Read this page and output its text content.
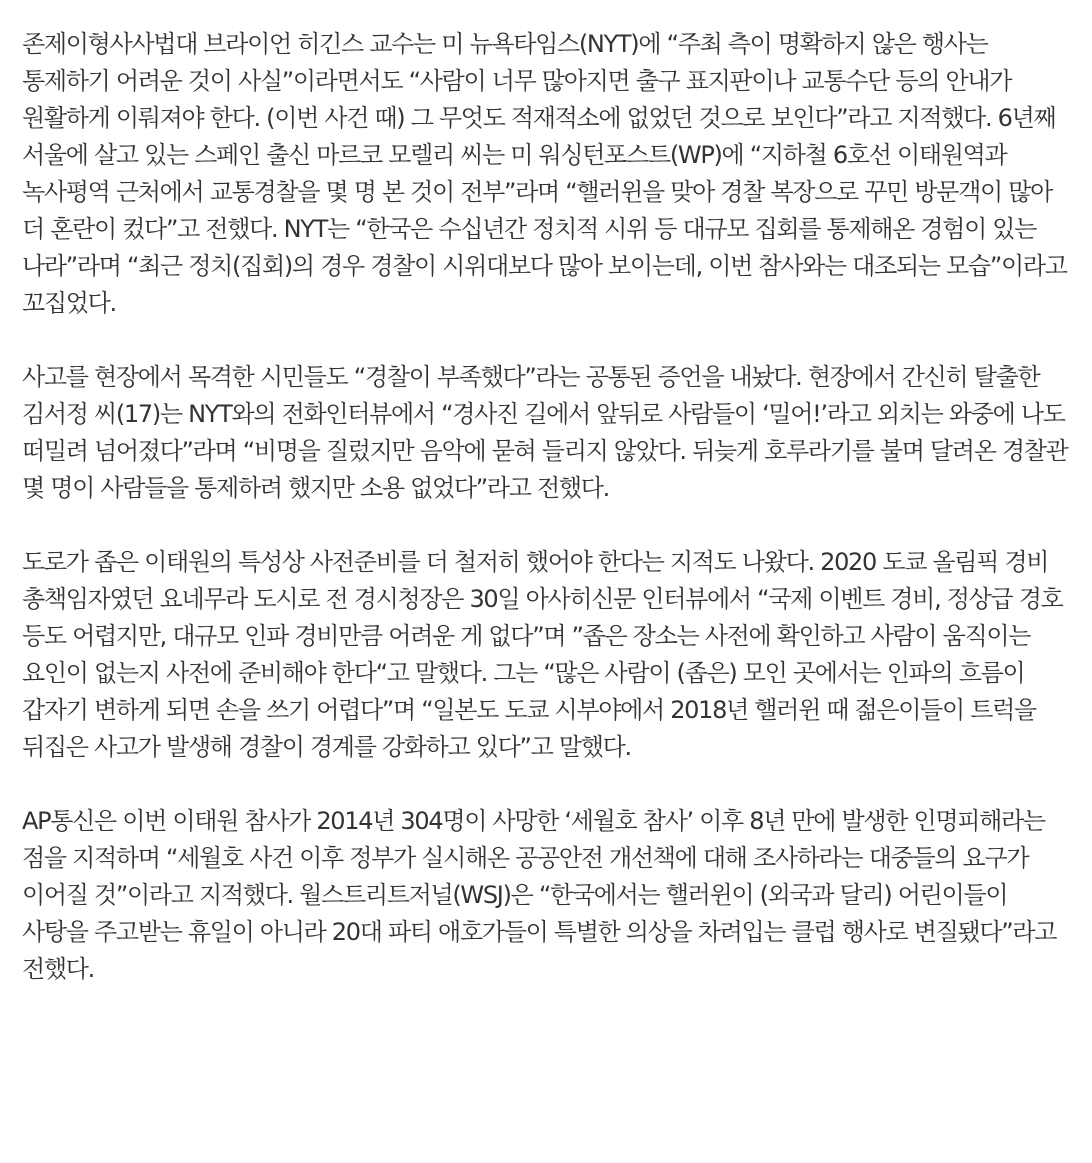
존제이형사사법대 브라이언 히긴스 교수는 미 뉴욕타임스(NYT)에 “주최 측이 명확하지 않은 행사는 통제하기 어려운 것이 사실”이라면서도 “사람이 너무 많아지면 출구 표지판이나 교통수단 등의 안내가 원활하게 이뤄져야 한다. (이번 사건 때) 그 무엇도 적재적소에 없었던 것으로 보인다”라고 지적했다. 6년째 서울에 살고 있는 스페인 출신 마르코 모렐리 씨는 미 워싱턴포스트(WP)에 “지하철 6호선 이태원역과 녹사평역 근처에서 교통경찰을 몇 명 본 것이 전부”라며 “핼러윈을 맞아 경찰 복장으로 꾸민 방문객이 많아 더 혼란이 컸다”고 전했다. NYT는 “한국은 수십년간 정치적 시위 등 대규모 집회를 통제해온 경험이 있는 나라”라며 “최근 정치(집회)의 경우 경찰이 시위대보다 많아 보이는데, 이번 참사와는 대조되는 모습”이라고 꼬집었다.

사고를 현장에서 목격한 시민들도 “경찰이 부족했다”라는 공통된 증언을 내놨다. 현장에서 간신히 탈출한 김서정 씨(17)는 NYT와의 전화인터뷰에서 “경사진 길에서 앞뒤로 사람들이 ‘밀어!’라고 외치는 와중에 나도 떠밀려 넘어졌다”라며 “비명을 질렀지만 음악에 묻혀 들리지 않았다. 뒤늦게 호루라기를 불며 달려온 경찰관 몇 명이 사람들을 통제하려 했지만 소용 없었다”라고 전했다.

도로가 좁은 이태원의 특성상 사전준비를 더 철저히 했어야 한다는 지적도 나왔다. 2020 도쿄 올림픽 경비 총책임자였던 요네무라 도시로 전 경시청장은 30일 아사히신문 인터뷰에서 “국제 이벤트 경비, 정상급 경호 등도 어렵지만, 대규모 인파 경비만큼 어려운 게 없다”며 ”좁은 장소는 사전에 확인하고 사람이 움직이는 요인이 없는지 사전에 준비해야 한다“고 말했다. 그는 “많은 사람이 (좁은) 모인 곳에서는 인파의 흐름이 갑자기 변하게 되면 손을 쓰기 어렵다”며 “일본도 도쿄 시부야에서 2018년 핼러윈 때 젊은이들이 트럭을 뒤집은 사고가 발생해 경찰이 경계를 강화하고 있다”고 말했다.

AP통신은 이번 이태원 참사가 2014년 304명이 사망한 ‘세월호 참사’ 이후 8년 만에 발생한 인명피해라는 점을 지적하며 “세월호 사건 이후 정부가 실시해온 공공안전 개선책에 대해 조사하라는 대중들의 요구가 이어질 것”이라고 지적했다. 월스트리트저널(WSJ)은 “한국에서는 핼러윈이 (외국과 달리) 어린이들이 사탕을 주고받는 휴일이 아니라 20대 파티 애호가들이 특별한 의상을 차려입는 클럽 행사로 변질됐다”라고 전했다.
